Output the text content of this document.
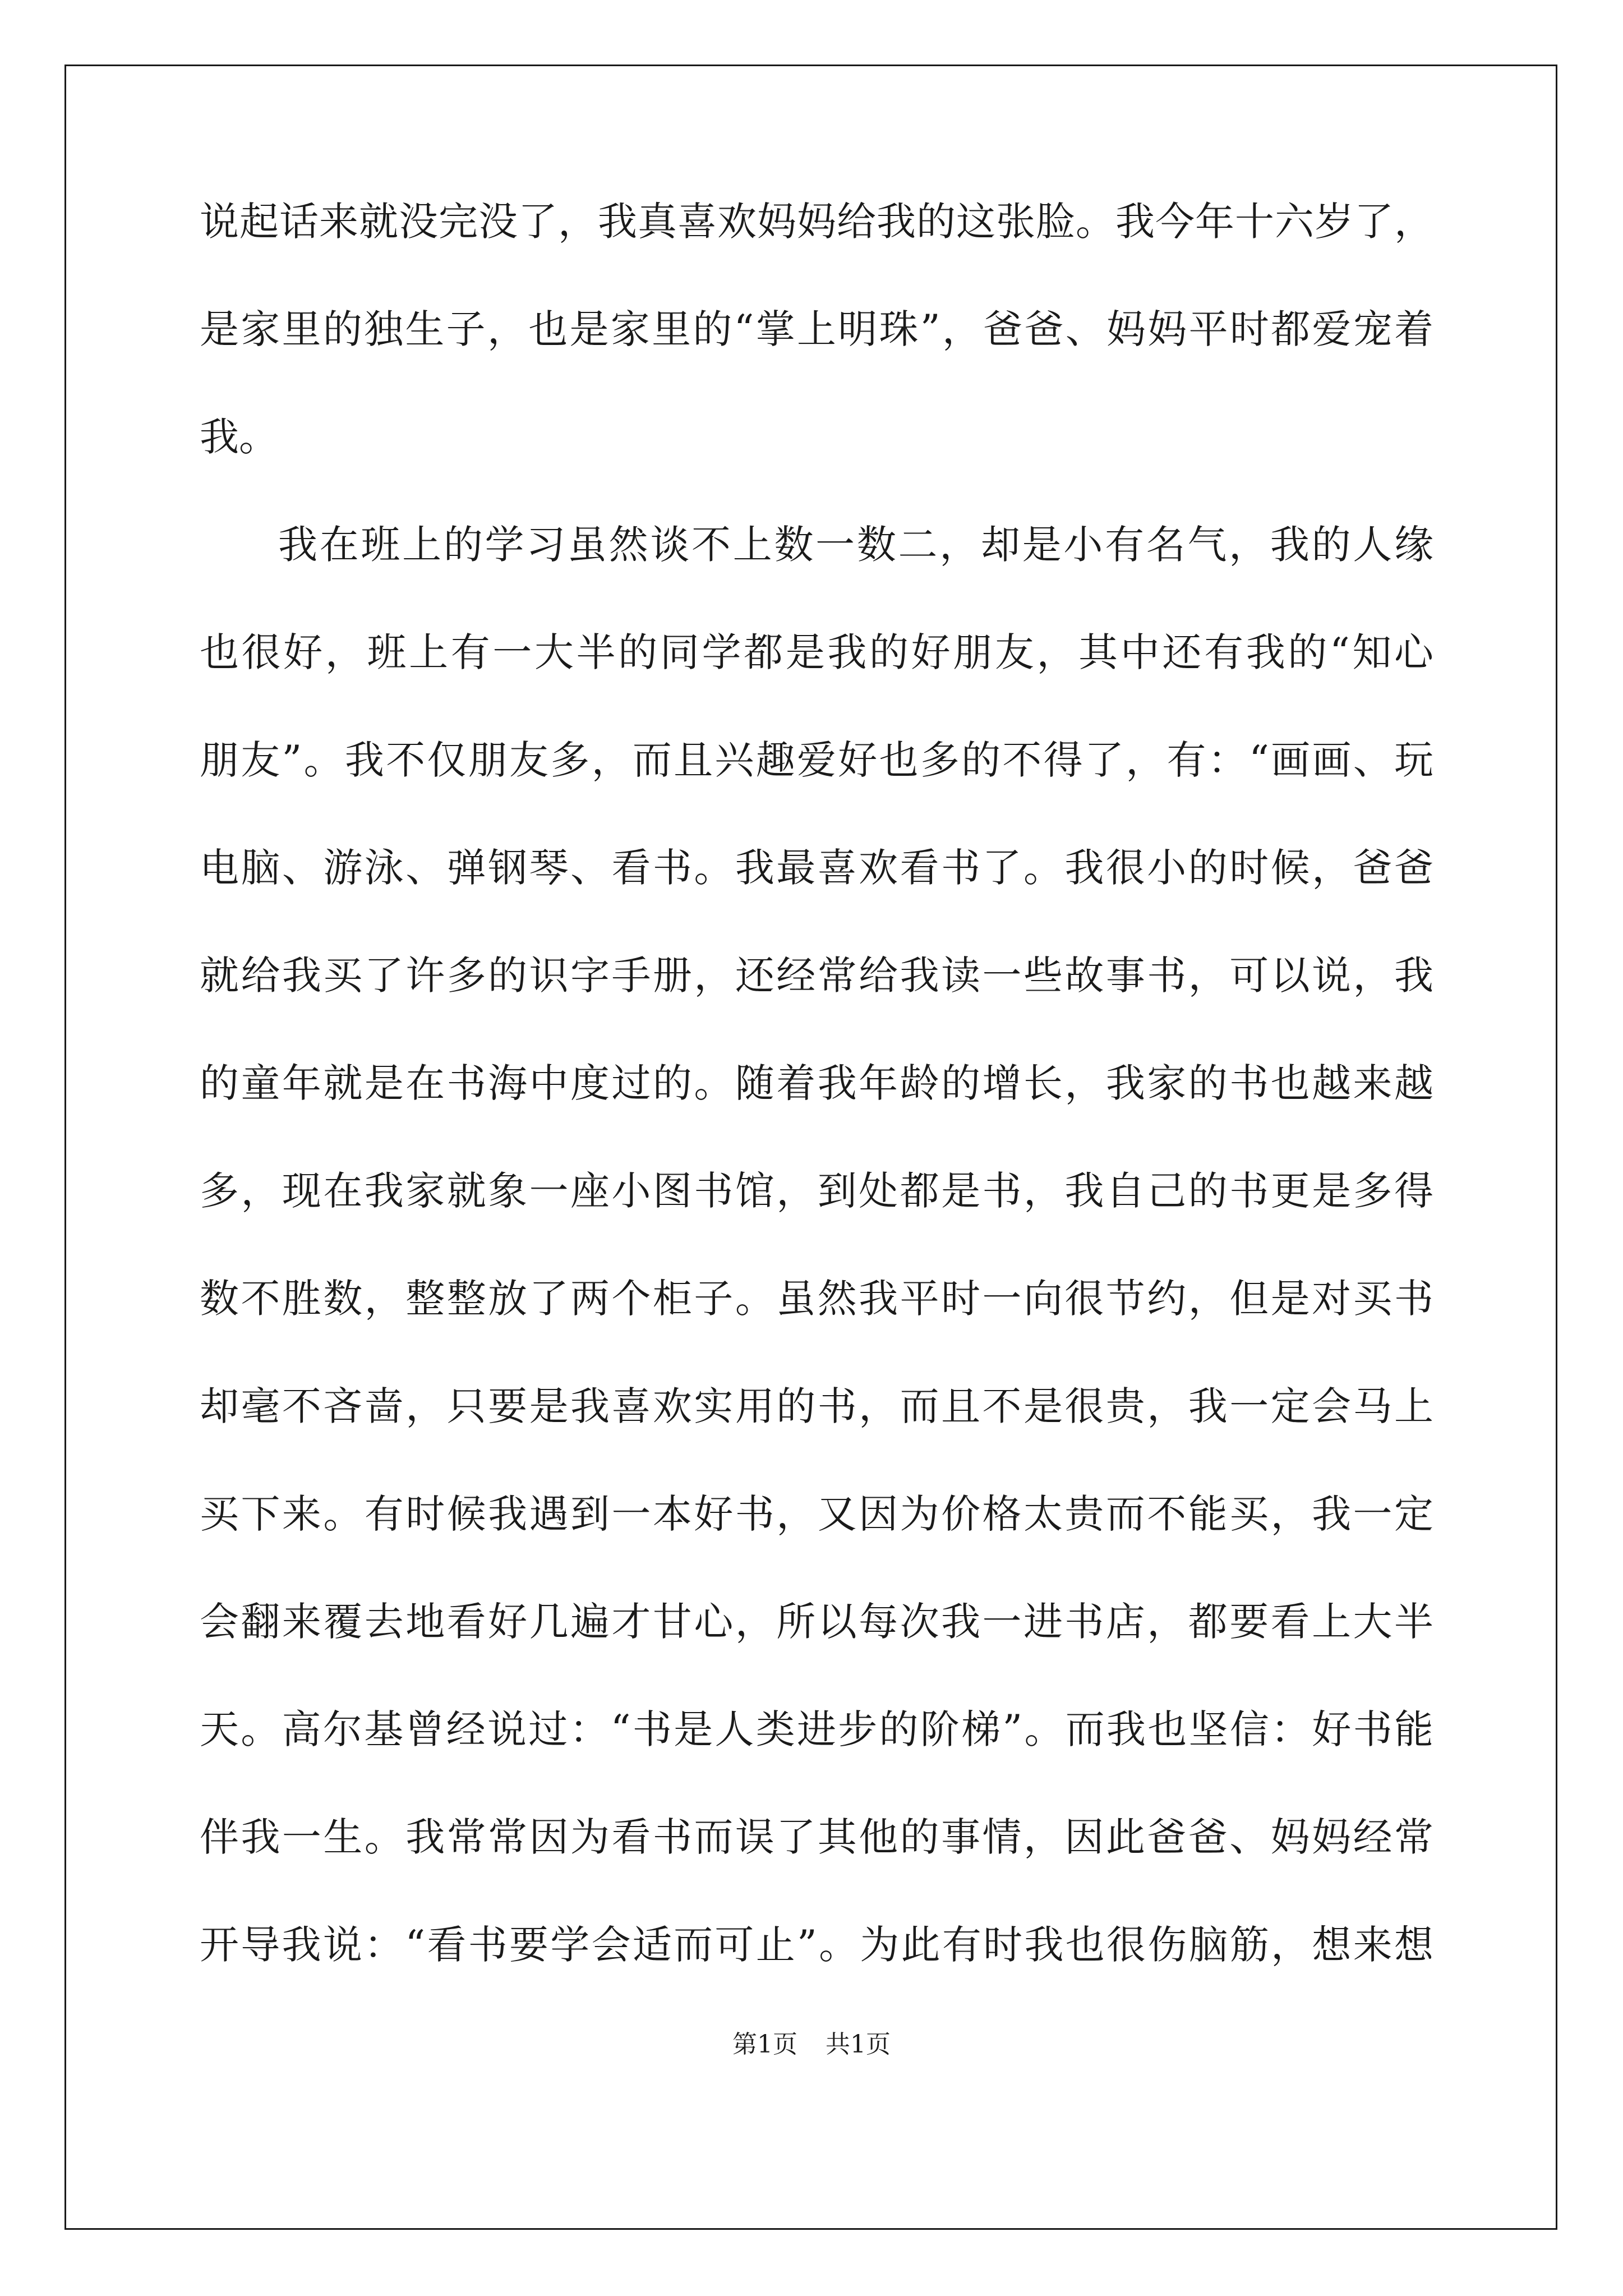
说起话来就没完没了，我真喜欢妈妈给我的这张脸。我今年十六岁了，
是家里的独生子，也是家里的“掌上明珠”，爸爸、妈妈平时都爱宠着
我。
我在班上的学习虽然谈不上数一数二，却是小有名气，我的人缘
也很好，班上有一大半的同学都是我的好朋友，其中还有我的“知心
朋友”。我不仅朋友多，而且兴趣爱好也多的不得了，有：“画画、玩
电脑、游泳、弹钢琴、看书。我最喜欢看书了。我很小的时候，爸爸
就给我买了许多的识字手册，还经常给我读一些故事书，可以说，我
的童年就是在书海中度过的。随着我年龄的增长，我家的书也越来越
多，现在我家就象一座小图书馆，到处都是书，我自己的书更是多得
数不胜数，整整放了两个柜子。虽然我平时一向很节约，但是对买书
却毫不吝啬，只要是我喜欢实用的书，而且不是很贵，我一定会马上
买下来。有时候我遇到一本好书，又因为价格太贵而不能买，我一定
会翻来覆去地看好几遍才甘心，所以每次我一进书店，都要看上大半
天。高尔基曾经说过：“书是人类进步的阶梯”。而我也坚信：好书能
伴我一生。我常常因为看书而误了其他的事情，因此爸爸、妈妈经常
开导我说：“看书要学会适而可止”。为此有时我也很伤脑筋，想来想
第1页 共1页
